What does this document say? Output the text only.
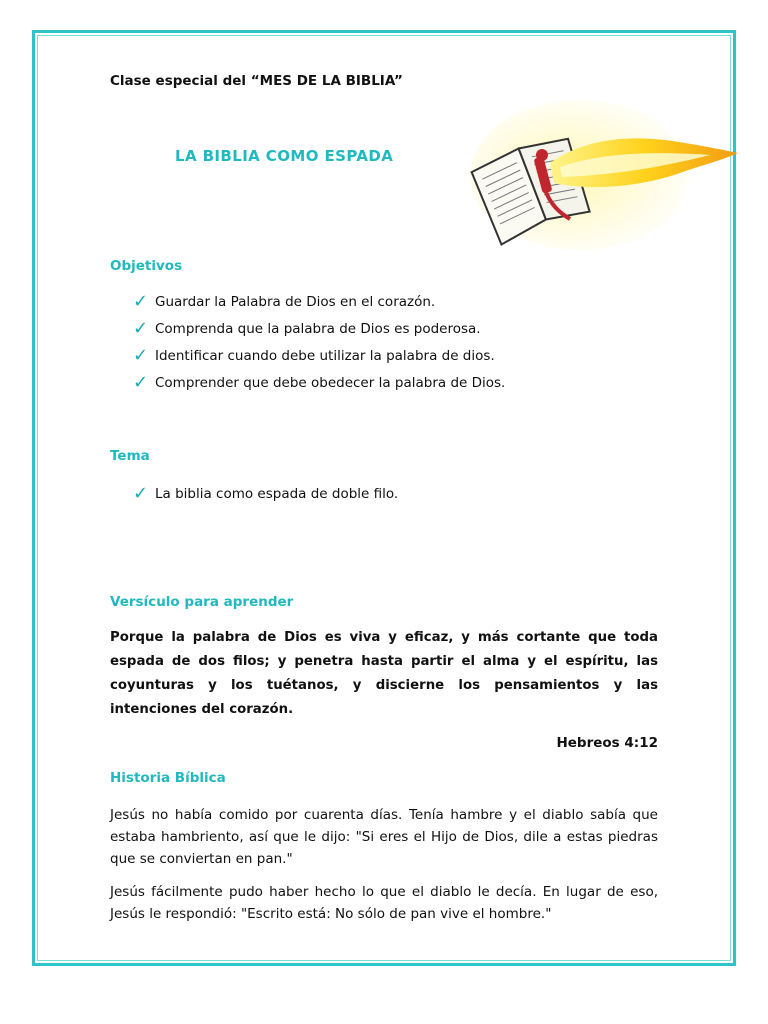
Clase especial del “MES DE LA BIBLIA”
LA BIBLIA COMO ESPADA
Objetivos
✓ Guardar la Palabra de Dios en el corazón.
✓ Comprenda que la palabra de Dios es poderosa.
✓ Identificar cuando debe utilizar la palabra de dios.
✓ Comprender que debe obedecer la palabra de Dios.
Tema
✓ La biblia como espada de doble filo.
Versículo para aprender
Porque la palabra de Dios es viva y eficaz, y más cortante que toda espada de dos filos; y penetra hasta partir el alma y el espíritu, las coyunturas y los tuétanos, y discierne los pensamientos y las intenciones del corazón.
Hebreos 4:12
Historia Bíblica
Jesús no había comido por cuarenta días. Tenía hambre y el diablo sabía que estaba hambriento, así que le dijo: "Si eres el Hijo de Dios, dile a estas piedras que se conviertan en pan."
Jesús fácilmente pudo haber hecho lo que el diablo le decía. En lugar de eso, Jesús le respondió: "Escrito está: No sólo de pan vive el hombre."
